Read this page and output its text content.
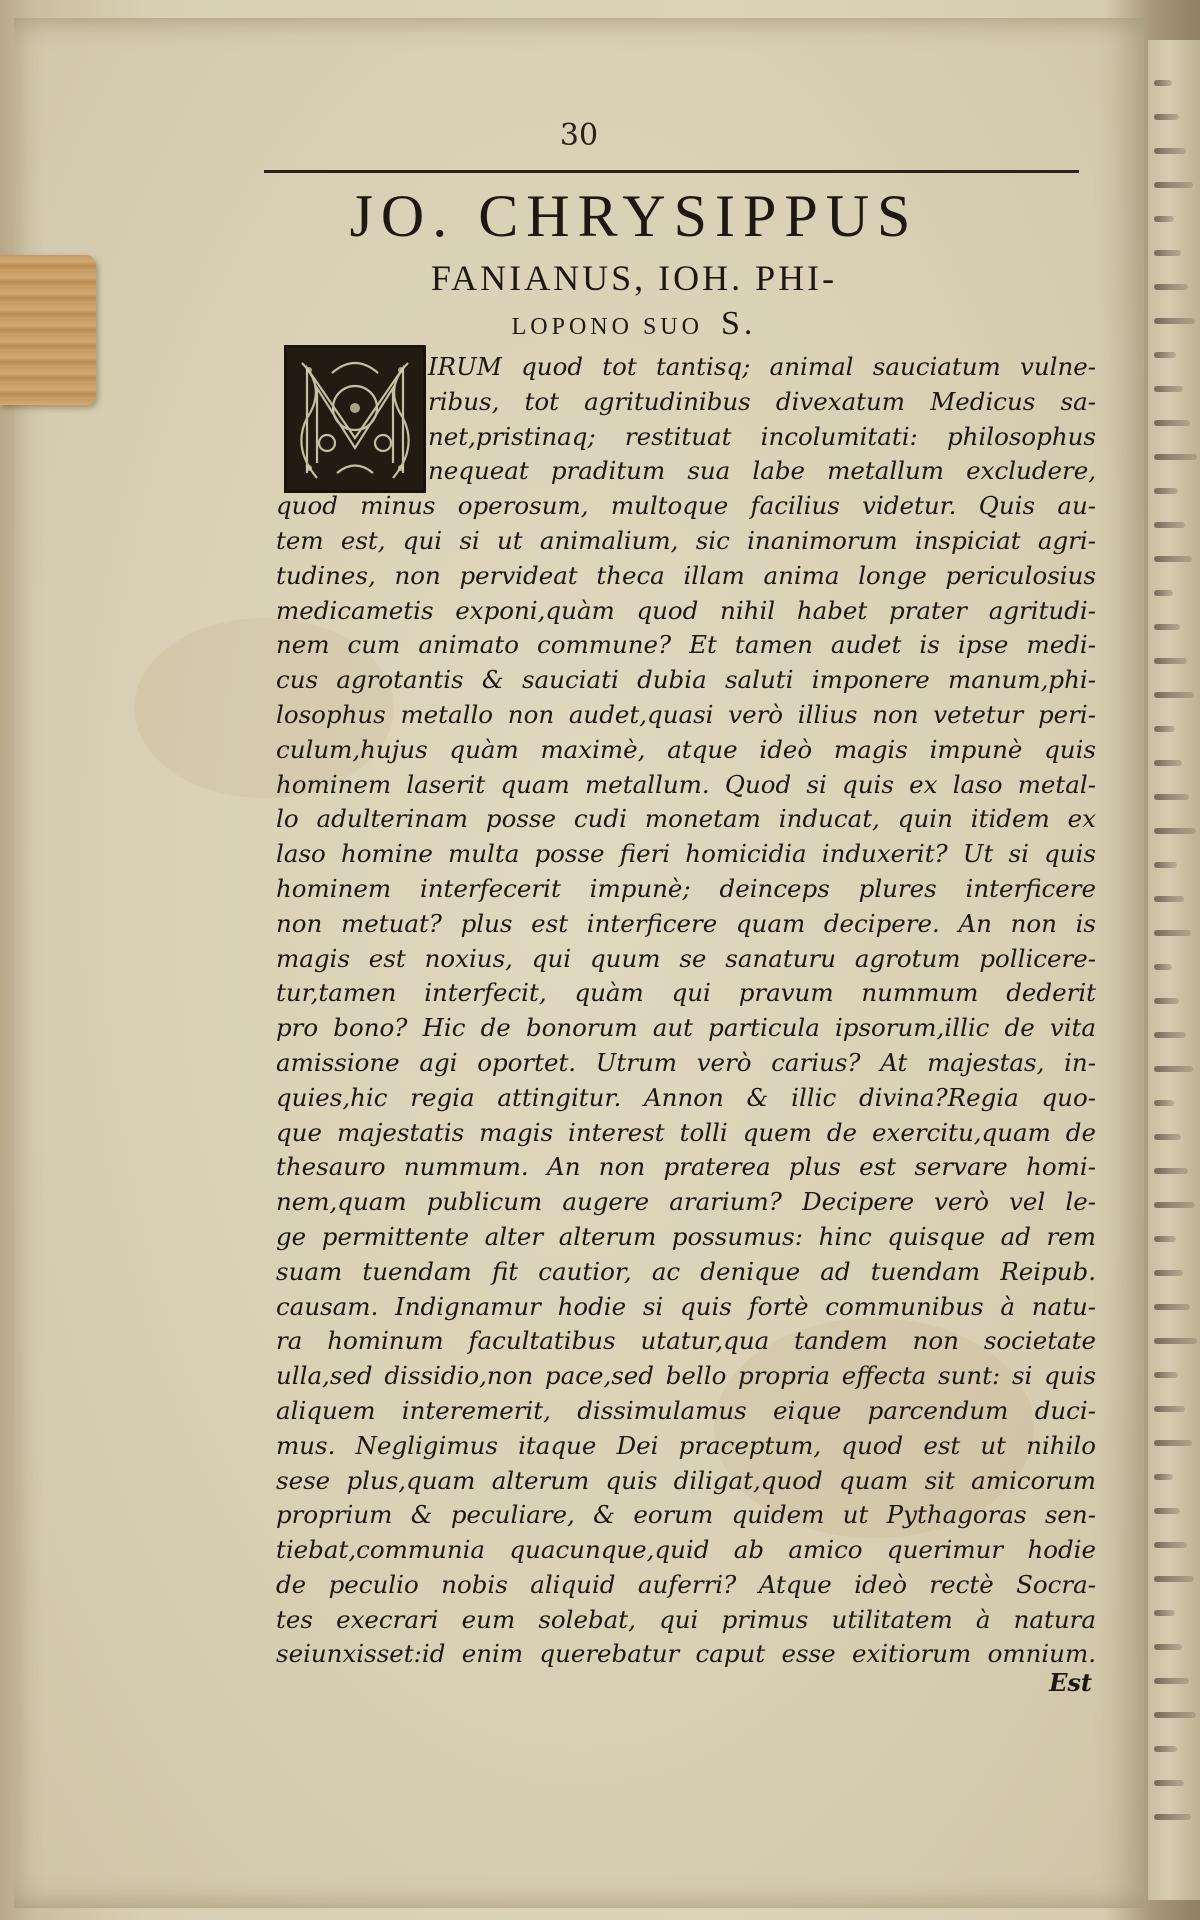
30
JO. CHRYSIPPUS
FANIANUS, IOH. PHI-
LOPONO SUO S.
IRUM quod tot tantisq; animal sauciatum vulne-
ribus, tot agritudinibus divexatum Medicus sa-
net,pristinaq; restituat incolumitati: philosophus
nequeat praditum sua labe metallum excludere,
quod minus operosum, multoque facilius videtur. Quis au-
tem est, qui si ut animalium, sic inanimorum inspiciat agri-
tudines, non pervideat theca illam anima longe periculosius
medicametis exponi,quàm quod nihil habet prater agritudi-
nem cum animato commune? Et tamen audet is ipse medi-
cus agrotantis & sauciati dubia saluti imponere manum,phi-
losophus metallo non audet,quasi verò illius non vetetur peri-
culum,hujus quàm maximè, atque ideò magis impunè quis
hominem laserit quam metallum. Quod si quis ex laso metal-
lo adulterinam posse cudi monetam inducat, quin itidem ex
laso homine multa posse fieri homicidia induxerit? Ut si quis
hominem interfecerit impunè; deinceps plures interficere
non metuat? plus est interficere quam decipere. An non is
magis est noxius, qui quum se sanaturu agrotum pollicere-
tur,tamen interfecit, quàm qui pravum nummum dederit
pro bono? Hic de bonorum aut particula ipsorum,illic de vita
amissione agi oportet. Utrum verò carius? At majestas, in-
quies,hic regia attingitur. Annon & illic divina?Regia quo-
que majestatis magis interest tolli quem de exercitu,quam de
thesauro nummum. An non praterea plus est servare homi-
nem,quam publicum augere ararium? Decipere verò vel le-
ge permittente alter alterum possumus: hinc quisque ad rem
suam tuendam fit cautior, ac denique ad tuendam Reipub.
causam. Indignamur hodie si quis fortè communibus à natu-
ra hominum facultatibus utatur,qua tandem non societate
ulla,sed dissidio,non pace,sed bello propria effecta sunt: si quis
aliquem interemerit, dissimulamus eique parcendum duci-
mus. Negligimus itaque Dei praceptum, quod est ut nihilo
sese plus,quam alterum quis diligat,quod quam sit amicorum
proprium & peculiare, & eorum quidem ut Pythagoras sen-
tiebat,communia quacunque,quid ab amico querimur hodie
de peculio nobis aliquid auferri? Atque ideò rectè Socra-
tes execrari eum solebat, qui primus utilitatem à natura
seiunxisset:id enim querebatur caput esse exitiorum omnium.
Est
